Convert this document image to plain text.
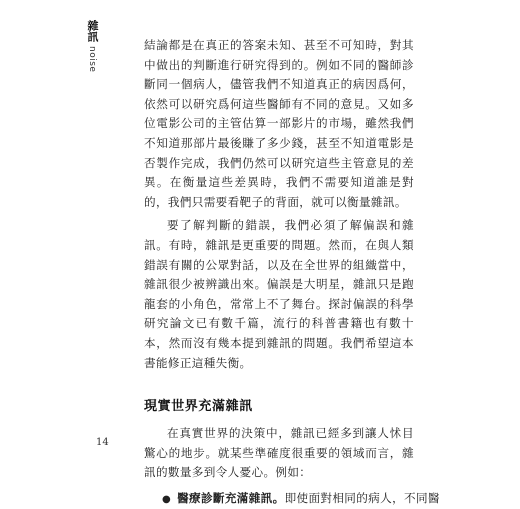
雜訊
noise

結論都是在真正的答案未知、甚至不可知時，對其中做出的判斷進行研究得到的。例如不同的醫師診斷同一個病人，儘管我們不知道真正的病因爲何，依然可以研究爲何這些醫師有不同的意見。又如多位電影公司的主管估算一部影片的市場，雖然我們不知道那部片最後賺了多少錢，甚至不知道電影是否製作完成，我們仍然可以研究這些主管意見的差異。在衡量這些差異時，我們不需要知道誰是對的，我們只需要看靶子的背面，就可以衡量雜訊。

要了解判斷的錯誤，我們必須了解偏誤和雜訊。有時，雜訊是更重要的問題。然而，在與人類錯誤有關的公眾對話，以及在全世界的組織當中，雜訊很少被辨識出來。偏誤是大明星，雜訊只是跑龍套的小角色，常常上不了舞台。探討偏誤的科學研究論文已有數千篇，流行的科普書籍也有數十本，然而沒有幾本提到雜訊的問題。我們希望這本書能修正這種失衡。

現實世界充滿雜訊

在真實世界的決策中，雜訊已經多到讓人怵目驚心的地步。就某些準確度很重要的領域而言，雜訊的數量多到令人憂心。例如：

● 醫療診斷充滿雜訊。即使面對相同的病人，不同醫
14
